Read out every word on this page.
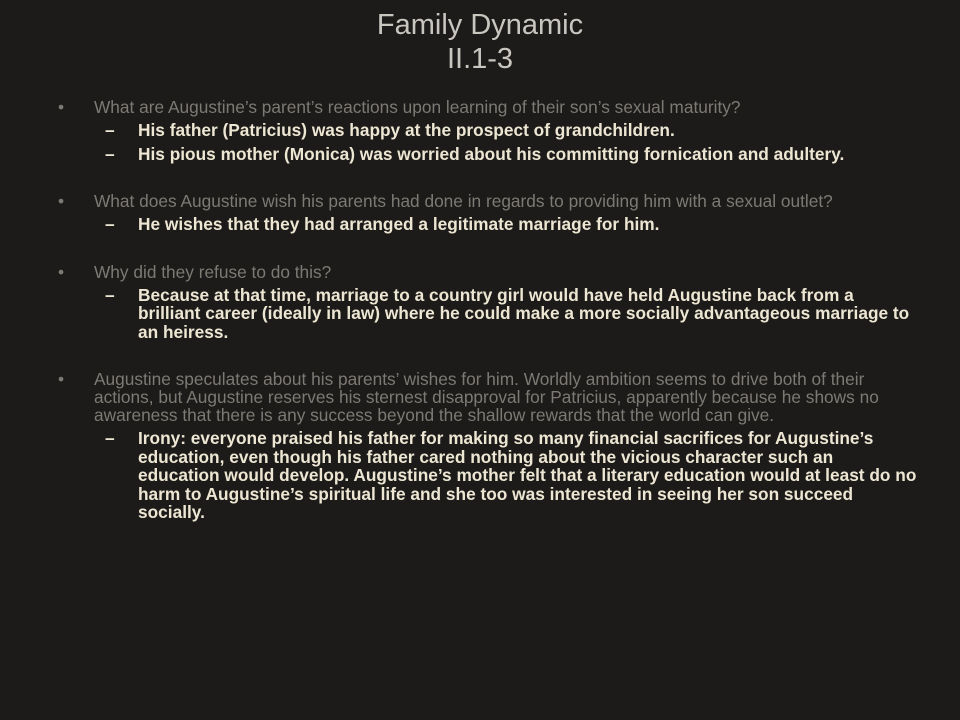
Family Dynamic
II.1-3
• What are Augustine’s parent’s reactions upon learning of their son’s sexual maturity?
– His father (Patricius) was happy at the prospect of grandchildren.
– His pious mother (Monica) was worried about his committing fornication and adultery.
• What does Augustine wish his parents had done in regards to providing him with a sexual outlet?
– He wishes that they had arranged a legitimate marriage for him.
• Why did they refuse to do this?
– Because at that time, marriage to a country girl would have held Augustine back from a brilliant career (ideally in law) where he could make a more socially advantageous marriage to an heiress.
• Augustine speculates about his parents’ wishes for him. Worldly ambition seems to drive both of their actions, but Augustine reserves his sternest disapproval for Patricius, apparently because he shows no awareness that there is any success beyond the shallow rewards that the world can give.
– Irony: everyone praised his father for making so many financial sacrifices for Augustine’s education, even though his father cared nothing about the vicious character such an education would develop. Augustine’s mother felt that a literary education would at least do no harm to Augustine’s spiritual life and she too was interested in seeing her son succeed socially.
